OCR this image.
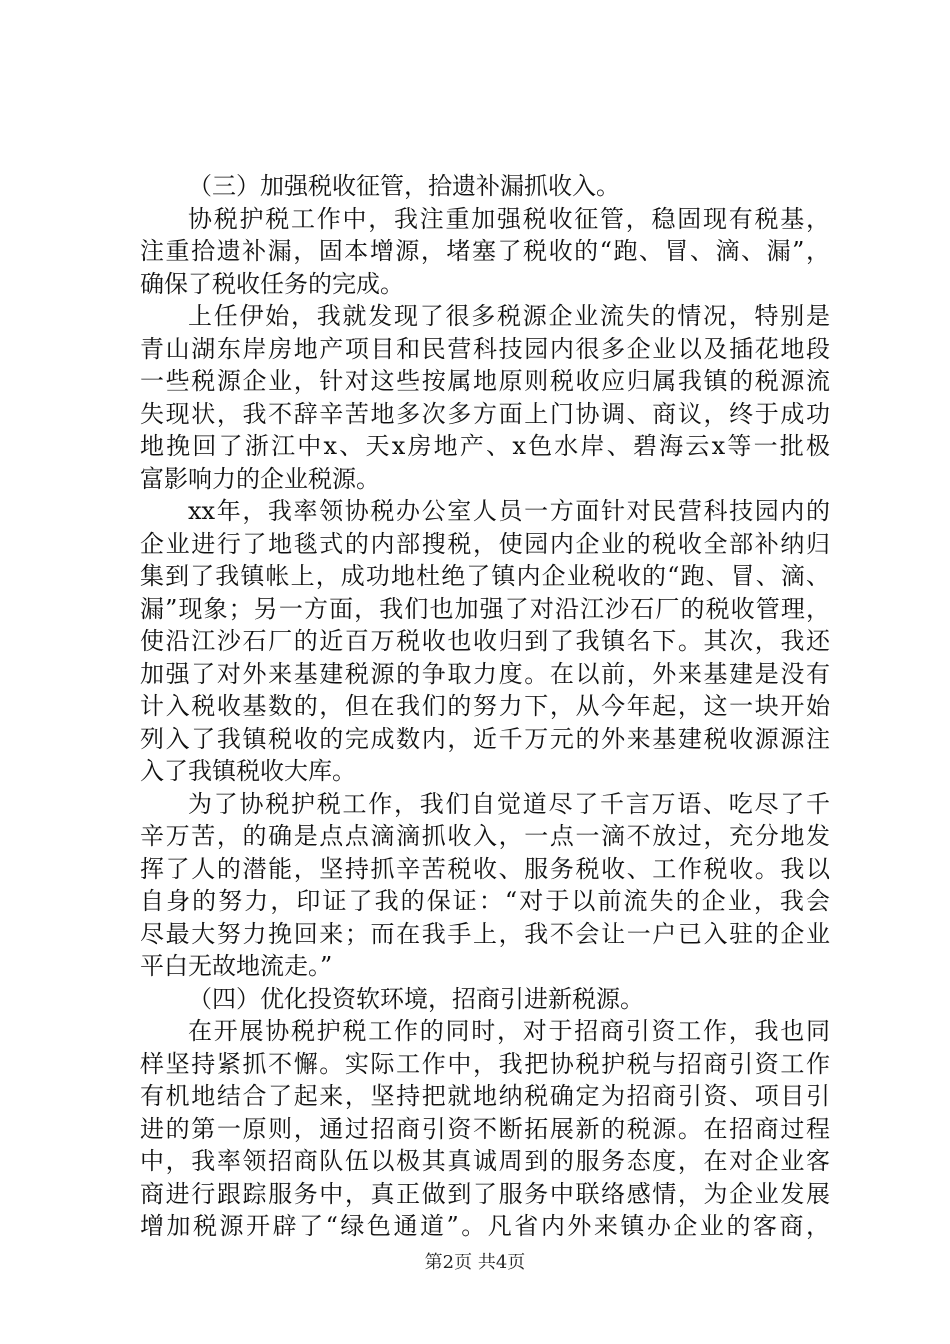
（三）加强税收征管，拾遗补漏抓收入。
协税护税工作中，我注重加强税收征管，稳固现有税基，
注重拾遗补漏，固本增源，堵塞了税收的“跑、冒、滴、漏”，
确保了税收任务的完成。
上任伊始，我就发现了很多税源企业流失的情况，特别是
青山湖东岸房地产项目和民营科技园内很多企业以及插花地段
一些税源企业，针对这些按属地原则税收应归属我镇的税源流
失现状，我不辞辛苦地多次多方面上门协调、商议，终于成功
地挽回了浙江中x、天x房地产、x色水岸、碧海云x等一批极
富影响力的企业税源。
xx年，我率领协税办公室人员一方面针对民营科技园内的
企业进行了地毯式的内部搜税，使园内企业的税收全部补纳归
集到了我镇帐上，成功地杜绝了镇内企业税收的“跑、冒、滴、
漏”现象；另一方面，我们也加强了对沿江沙石厂的税收管理，
使沿江沙石厂的近百万税收也收归到了我镇名下。其次，我还
加强了对外来基建税源的争取力度。在以前，外来基建是没有
计入税收基数的，但在我们的努力下，从今年起，这一块开始
列入了我镇税收的完成数内，近千万元的外来基建税收源源注
入了我镇税收大库。
为了协税护税工作，我们自觉道尽了千言万语、吃尽了千
辛万苦，的确是点点滴滴抓收入，一点一滴不放过，充分地发
挥了人的潜能，坚持抓辛苦税收、服务税收、工作税收。我以
自身的努力，印证了我的保证：“对于以前流失的企业，我会
尽最大努力挽回来；而在我手上，我不会让一户已入驻的企业
平白无故地流走。”
（四）优化投资软环境，招商引进新税源。
在开展协税护税工作的同时，对于招商引资工作，我也同
样坚持紧抓不懈。实际工作中，我把协税护税与招商引资工作
有机地结合了起来，坚持把就地纳税确定为招商引资、项目引
进的第一原则，通过招商引资不断拓展新的税源。在招商过程
中，我率领招商队伍以极其真诚周到的服务态度，在对企业客
商进行跟踪服务中，真正做到了服务中联络感情，为企业发展
增加税源开辟了“绿色通道”。凡省内外来镇办企业的客商，
第2页 共4页
